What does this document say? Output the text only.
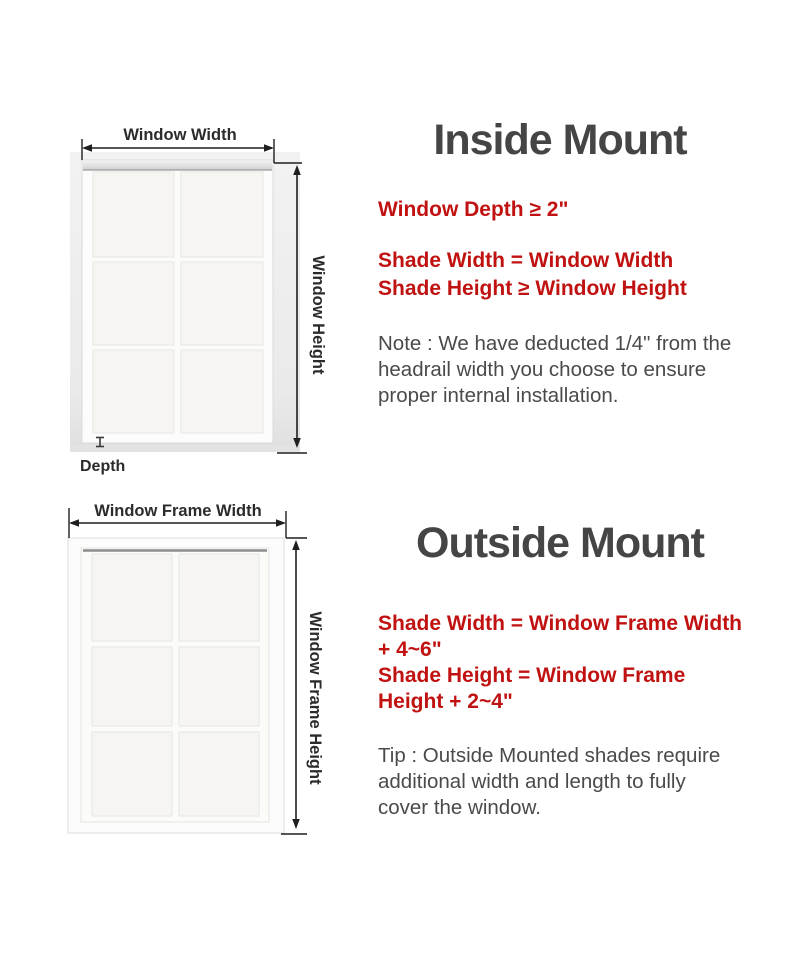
Window Width
Window Height
Depth
Inside Mount
Window Depth ≥ 2"
Shade Width = Window Width
Shade Height ≥ Window Height
Note : We have deducted 1/4" from the
headrail width you choose to ensure
proper internal installation.
Window Frame Width
Window Frame Height
Outside Mount
Shade Width = Window Frame Width
+ 4~6"
Shade Height = Window Frame
Height + 2~4"
Tip : Outside Mounted shades require
additional width and length to fully
cover the window.
